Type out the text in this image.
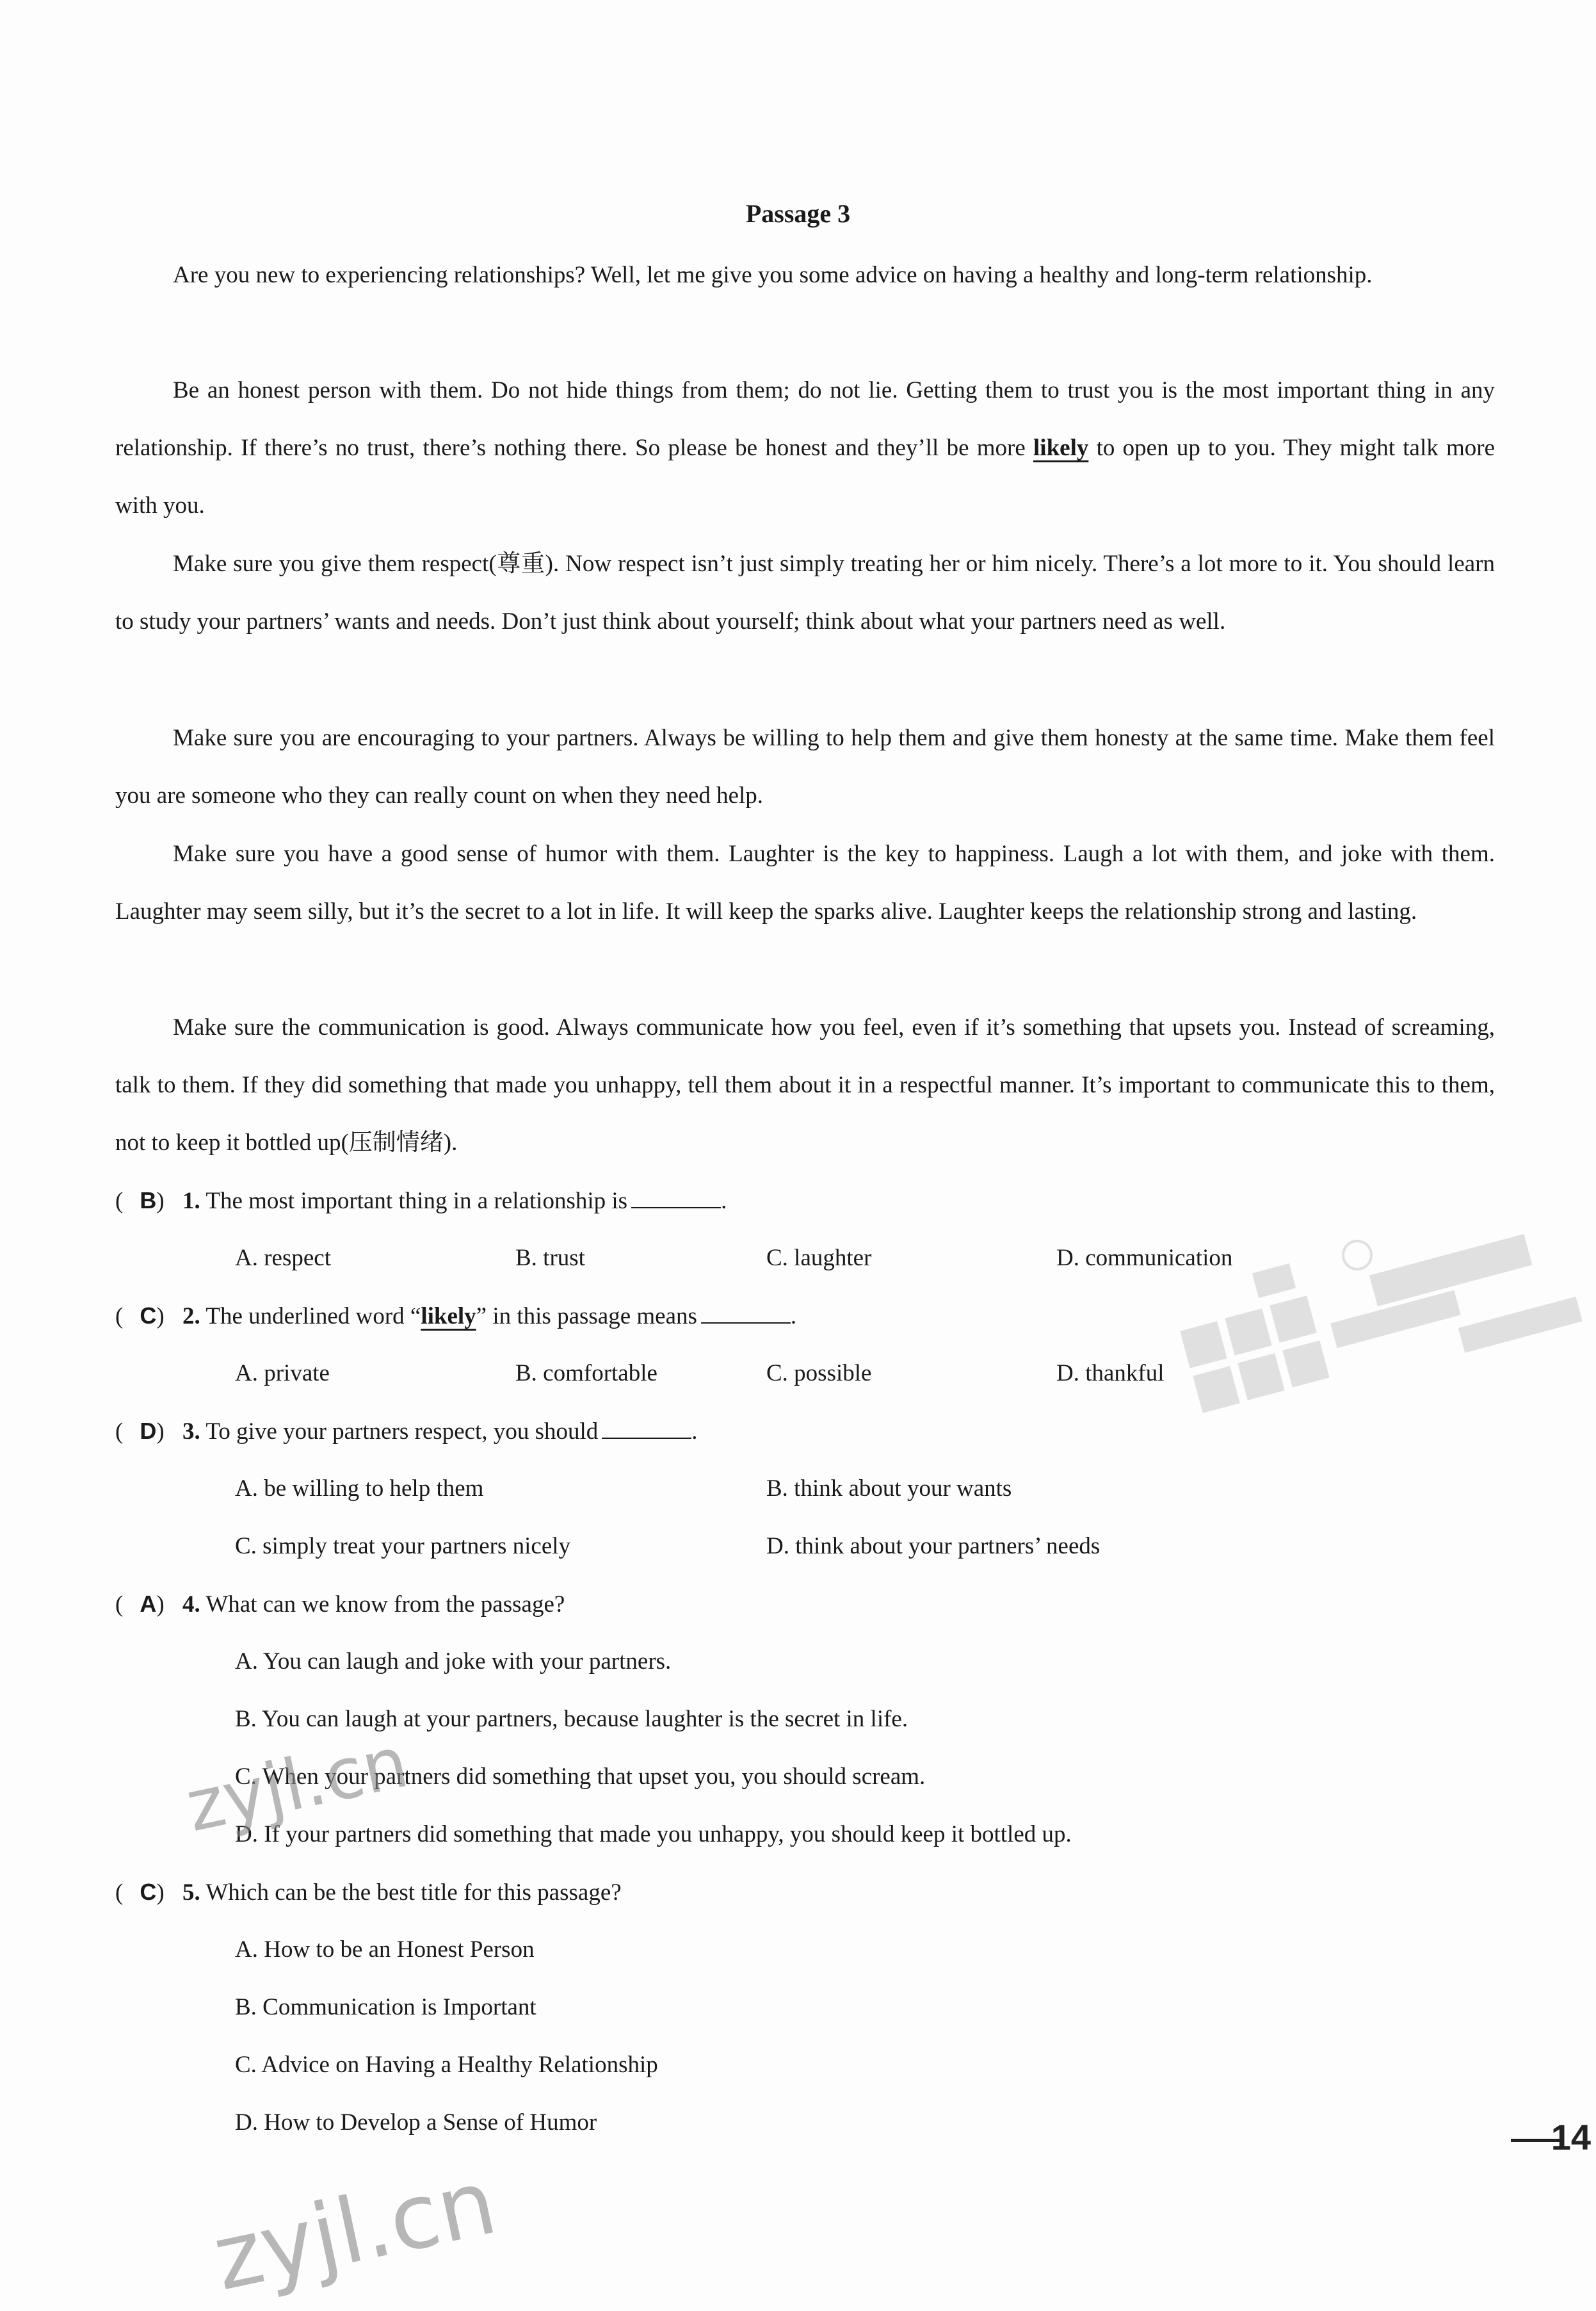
Passage 3

Are you new to experiencing relationships? Well, let me give you some advice on having a healthy and long-term relationship.

Be an honest person with them. Do not hide things from them; do not lie. Getting them to trust you is the most important thing in any relationship. If there’s no trust, there’s nothing there. So please be honest and they’ll be more likely to open up to you. They might talk more with you.

Make sure you give them respect(尊重). Now respect isn’t just simply treating her or him nicely. There’s a lot more to it. You should learn to study your partners’ wants and needs. Don’t just think about yourself; think about what your partners need as well.

Make sure you are encouraging to your partners. Always be willing to help them and give them honesty at the same time. Make them feel you are someone who they can really count on when they need help.

Make sure you have a good sense of humor with them. Laughter is the key to happiness. Laugh a lot with them, and joke with them. Laughter may seem silly, but it’s the secret to a lot in life. It will keep the sparks alive. Laughter keeps the relationship strong and lasting.

Make sure the communication is good. Always communicate how you feel, even if it’s something that upsets you. Instead of screaming, talk to them. If they did something that made you unhappy, tell them about it in a respectful manner. It’s important to communicate this to them, not to keep it bottled up(压制情绪).

( B) 1. The most important thing in a relationship is	.
A. respect	B. trust	C. laughter	D. communication
( C) 2. The underlined word “likely” in this passage means	.
A. private	B. comfortable	C. possible	D. thankful
( D) 3. To give your partners respect, you should	.
A. be willing to help them	B. think about your wants
C. simply treat your partners nicely	D. think about your partners’ needs
( A) 4. What can we know from the passage?
A. You can laugh and joke with your partners.
B. You can laugh at your partners, because laughter is the secret in life.
C. When your partners did something that upset you, you should scream.
D. If your partners did something that made you unhappy, you should keep it bottled up.
( C) 5. Which can be the best title for this passage?
A. How to be an Honest Person
B. Communication is Important
C. Advice on Having a Healthy Relationship
D. How to Develop a Sense of Humor
zyjl.cn
zyjl.cn
14
